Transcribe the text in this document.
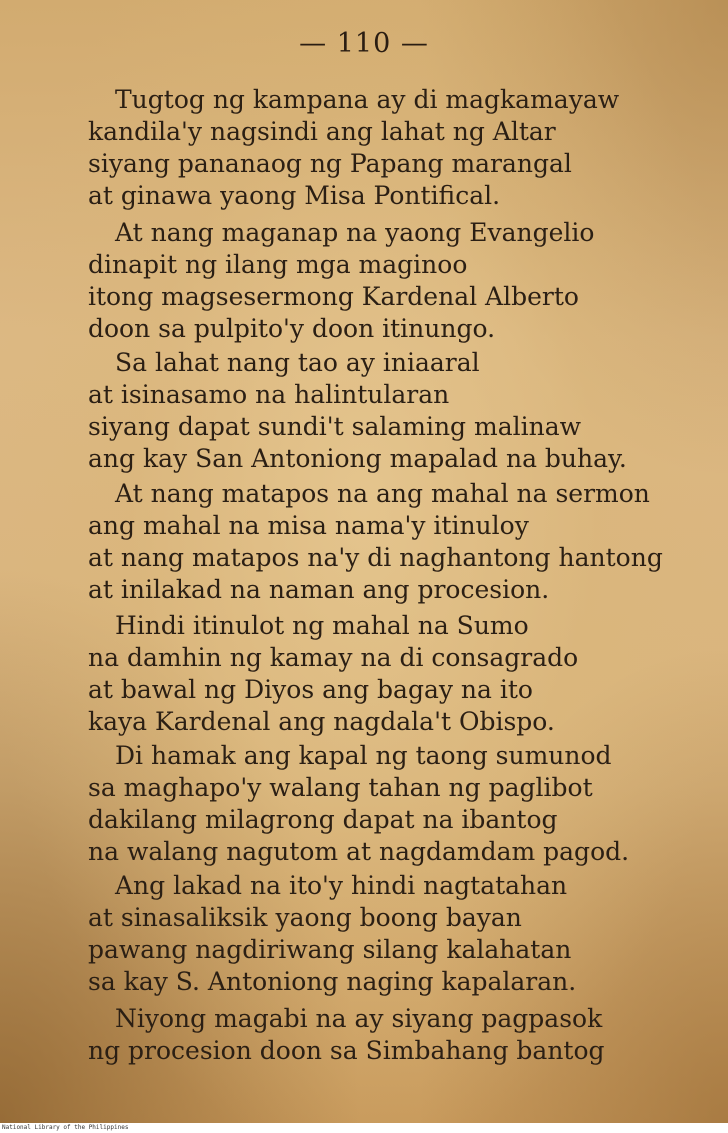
— 110 —

Tugtog ng kampana ay di magkamayaw
kandila'y nagsindi ang lahat ng Altar
siyang pananaog ng Papang marangal
at ginawa yaong Misa Pontifical.
At nang maganap na yaong Evangelio
dinapit ng ilang mga maginoo
itong magsesermong Kardenal Alberto
doon sa pulpito'y doon itinungo.
Sa lahat nang tao ay iniaaral
at isinasamo na halintularan
siyang dapat sundi't salaming malinaw
ang kay San Antoniong mapalad na buhay.
At nang matapos na ang mahal na sermon
ang mahal na misa nama'y itinuloy
at nang matapos na'y di naghantong hantong
at inilakad na naman ang procesion.
Hindi itinulot ng mahal na Sumo
na damhin ng kamay na di consagrado
at bawal ng Diyos ang bagay na ito
kaya Kardenal ang nagdala't Obispo.
Di hamak ang kapal ng taong sumunod
sa maghapo'y walang tahan ng paglibot
dakilang milagrong dapat na ibantog
na walang nagutom at nagdamdam pagod.
Ang lakad na ito'y hindi nagtatahan
at sinasaliksik yaong boong bayan
pawang nagdiriwang silang kalahatan
sa kay S. Antoniong naging kapalaran.
Niyong magabi na ay siyang pagpasok
ng procesion doon sa Simbahang bantog
National Library of the Philippines
